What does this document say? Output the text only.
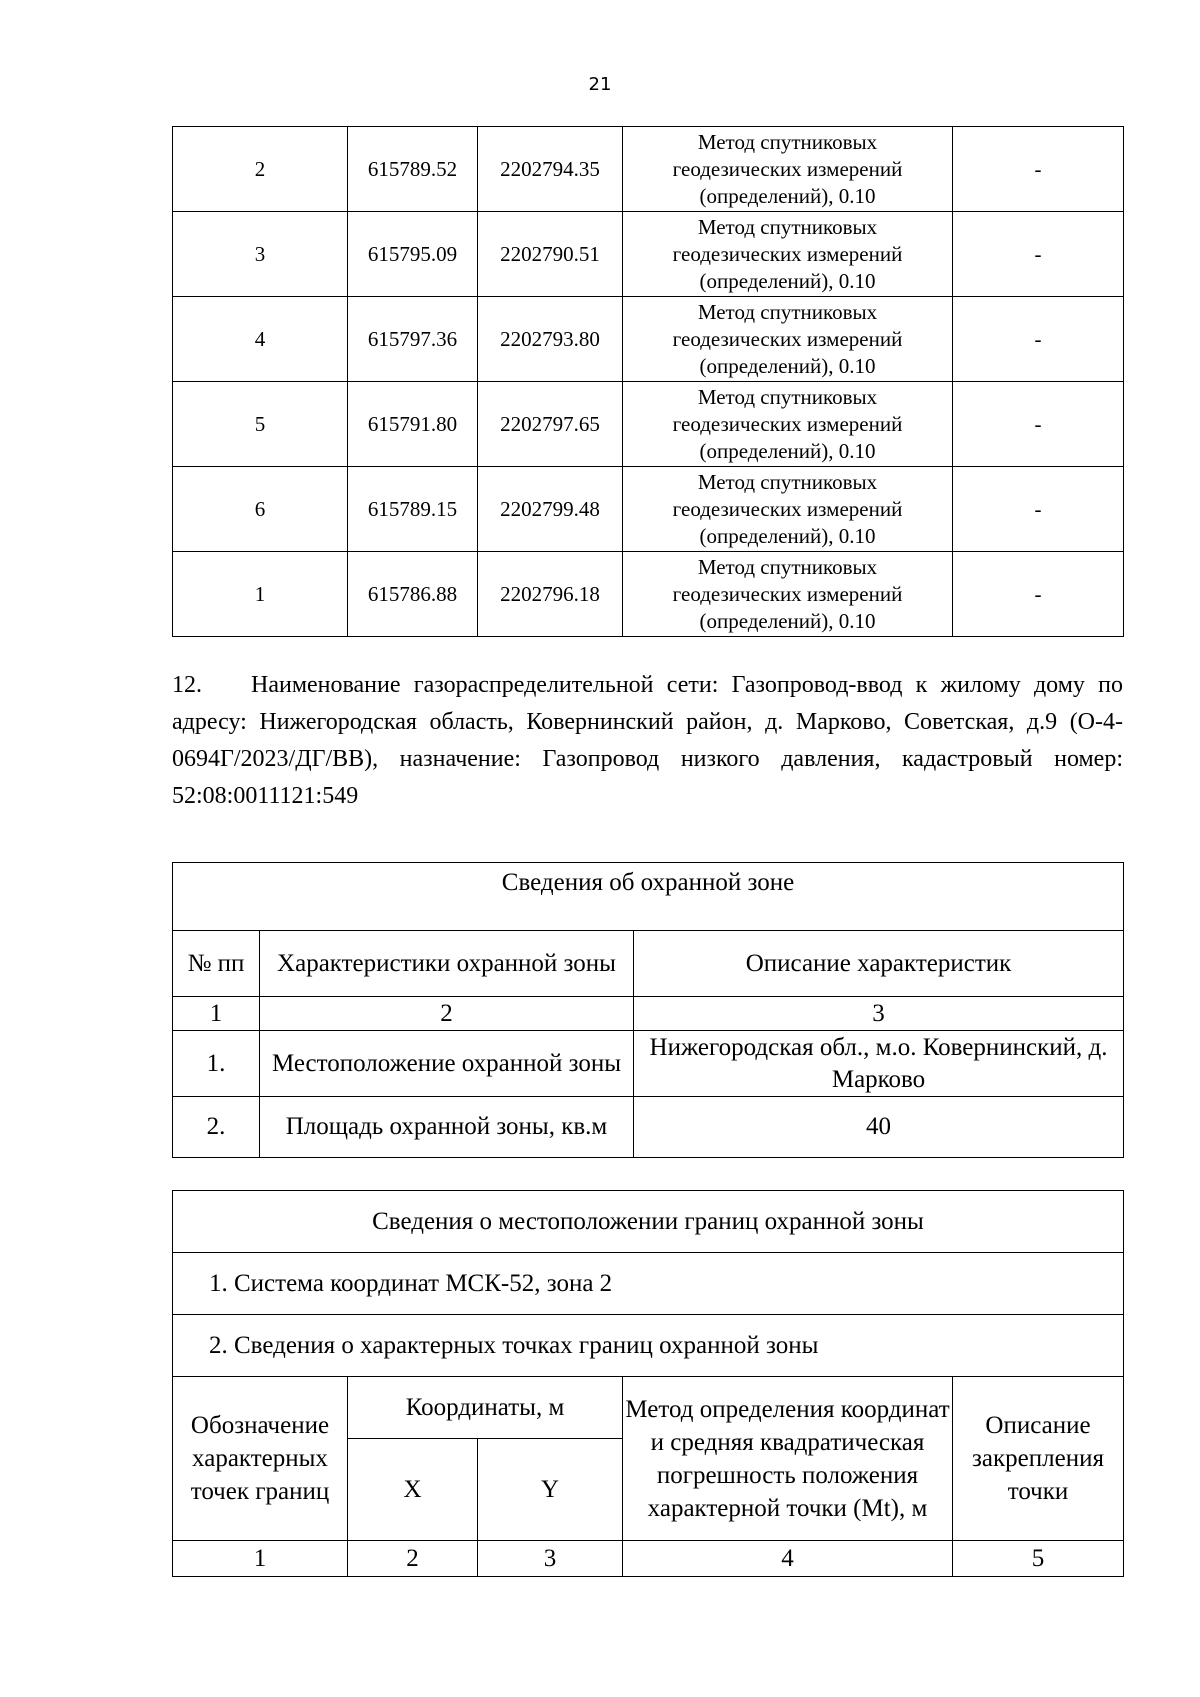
21
2	615789.52	2202794.35	Метод спутниковых
геодезических измерений
(определений), 0.10	-
3	615795.09	2202790.51	Метод спутниковых
геодезических измерений
(определений), 0.10	-
4	615797.36	2202793.80	Метод спутниковых
геодезических измерений
(определений), 0.10	-
5	615791.80	2202797.65	Метод спутниковых
геодезических измерений
(определений), 0.10	-
6	615789.15	2202799.48	Метод спутниковых
геодезических измерений
(определений), 0.10	-
1	615786.88	2202796.18	Метод спутниковых
геодезических измерений
(определений), 0.10	-

12. Наименование газораспределительной сети: Газопровод-ввод к жилому дому по адресу: Нижегородская область, Ковернинский район, д. Марково, Советская, д.9 (О-4-0694Г/2023/ДГ/ВВ), назначение: Газопровод низкого давления, кадастровый номер: 52:08:0011121:549

Сведения об охранной зоне		
№ пп	Характеристики охранной зоны	Описание характеристик
1	2	3
1.	Местоположение охранной зоны	Нижегородская обл., м.о. Ковернинский, д. Марково
2.	Площадь охранной зоны, кв.м	40
Сведения о местоположении границ охранной зоны				
1. Система координат МСК-52, зона 2				
2. Сведения о характерных точках границ охранной зоны				
Обозначение характерных точек границ	Координаты, м		Метод определения координат и средняя квадратическая погрешность положения характерной точки (Mt), м	Описание закрепления точки
	X	Y		
1	2	3	4	5
